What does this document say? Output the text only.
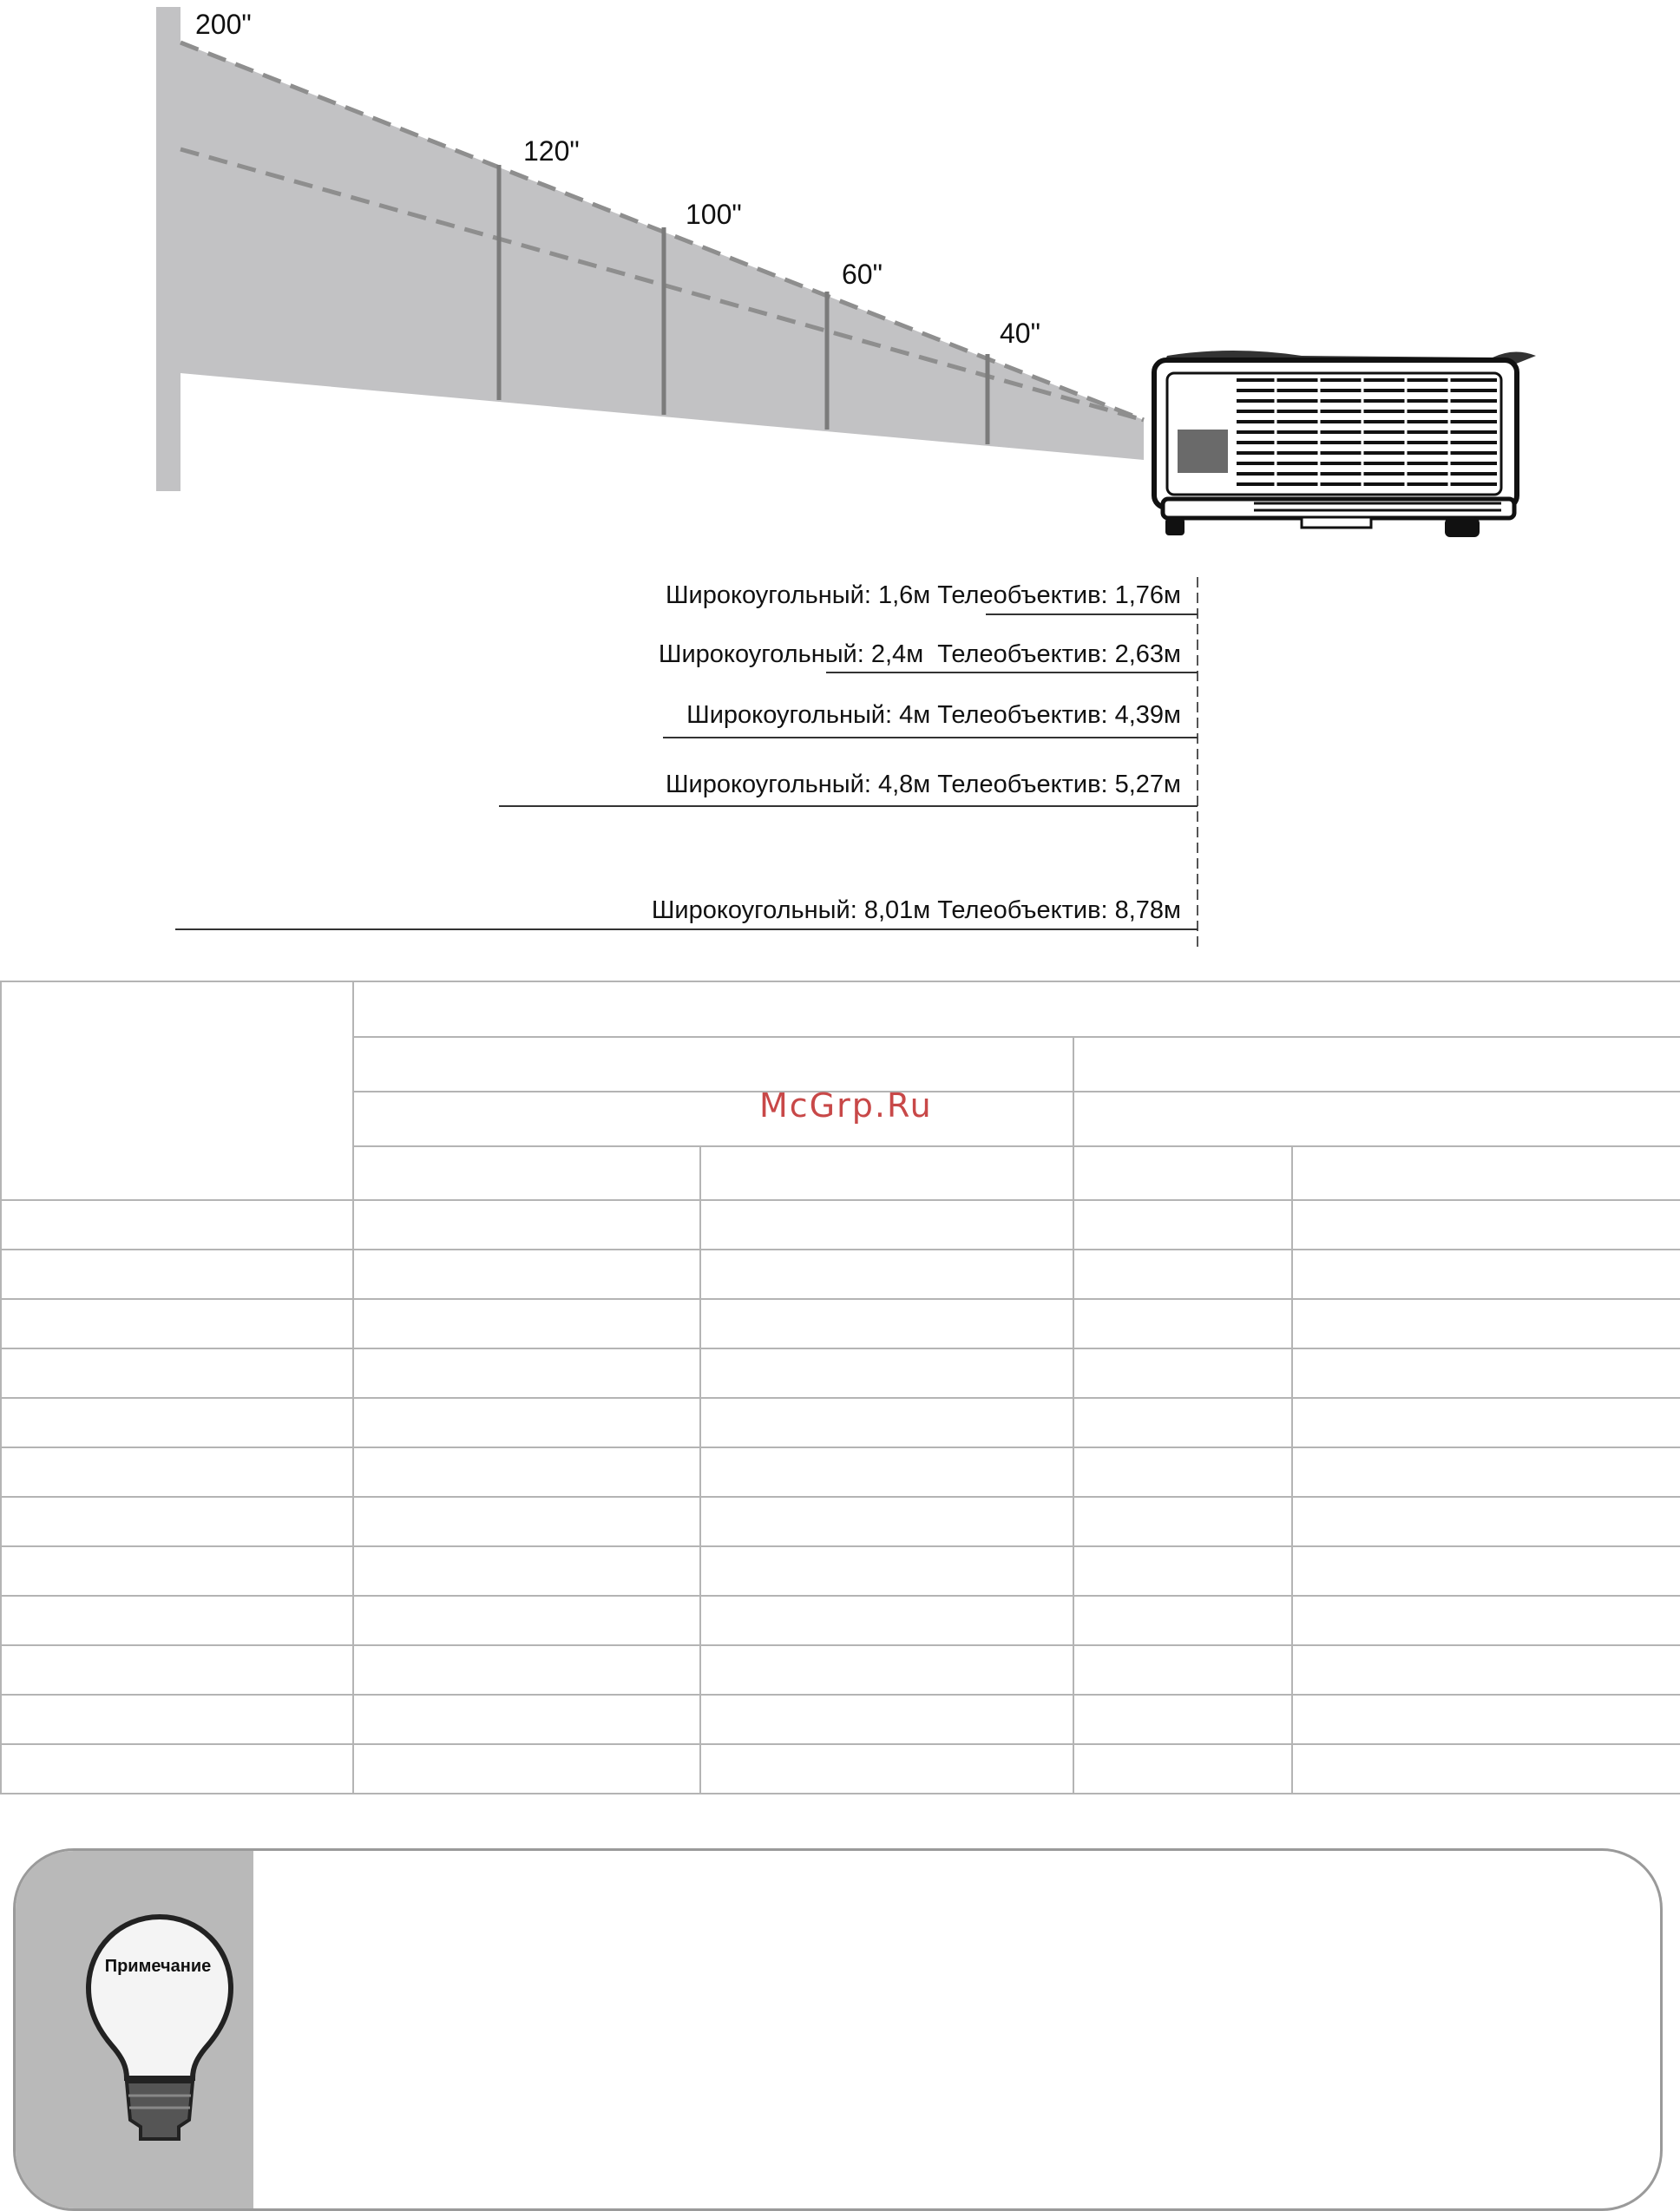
200"
120"
100"
60"
40"
Широкоугольный: 1,6м Телеобъектив: 1,76м
Широкоугольный: 2,4м Телеобъектив: 2,63м
Широкоугольный: 4м Телеобъектив: 4,39м
Широкоугольный: 4,8м Телеобъектив: 5,27м
Широкоугольный: 8,01м Телеобъектив: 8,78м

McGrp.Ru
Примечание
